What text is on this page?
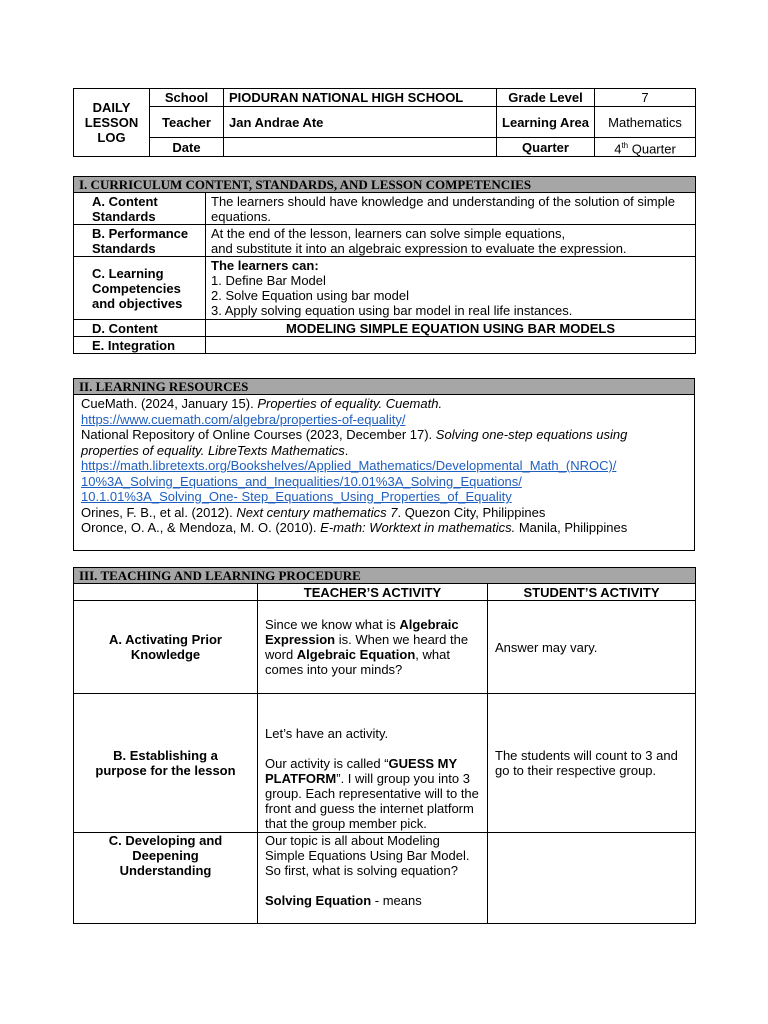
DAILY LESSON LOG	School	PIODURAN NATIONAL HIGH SCHOOL	Grade Level	7
	Teacher	Jan Andrae Ate	Learning Area	Mathematics
	Date		Quarter	4th Quarter
I. CURRICULUM CONTENT, STANDARDS, AND LESSON COMPETENCIES	
A. Content Standards	The learners should have knowledge and understanding of the solution of simple equations.
B. Performance Standards	At the end of the lesson, learners can solve simple equations,

and substitute it into an algebraic expression to evaluate the expression.

C. Learning Competencies and objectives	The learners can:

1. Define Bar Model

2. Solve Equation using bar model

3. Apply solving equation using bar model in real life instances.

D. Content	MODELING SIMPLE EQUATION USING BAR MODELS
E. Integration	
II. LEARNING RESOURCES

CueMath. (2024, January 15). Properties of equality. Cuemath.

https://www.cuemath.com/algebra/properties-of-equality/

National Repository of Online Courses (2023, December 17). Solving one-step equations using

properties of equality. LibreTexts Mathematics.

https://math.libretexts.org/Bookshelves/Applied_Mathematics/Developmental_Math_(NROC)/

10%3A_Solving_Equations_and_Inequalities/10.01%3A_Solving_Equations/

10.1.01%3A_Solving_One- Step_Equations_Using_Properties_of_Equality

Orines, F. B., et al. (2012). Next century mathematics 7. Quezon City, Philippines

Oronce, O. A., & Mendoza, M. O. (2010). E-math: Worktext in mathematics. Manila, Philippines

III. TEACHING AND LEARNING PROCEDURE		
	TEACHER’S ACTIVITY	STUDENT’S ACTIVITY
A. Activating Prior Knowledge	Since we know what is Algebraic Expression is. When we heard the word Algebraic Equation, what comes into your minds?	Answer may vary.
B. Establishing a purpose for the lesson	Let’s have an activity.

Our activity is called “GUESS MY PLATFORM”. I will group you into 3 group. Each representative will to the front and guess the internet platform that the group member pick.	The students will count to 3 and go to their respective group.
C. Developing and Deepening Understanding	Our topic is all about Modeling Simple Equations Using Bar Model. So first, what is solving equation?

Solving Equation - means	
